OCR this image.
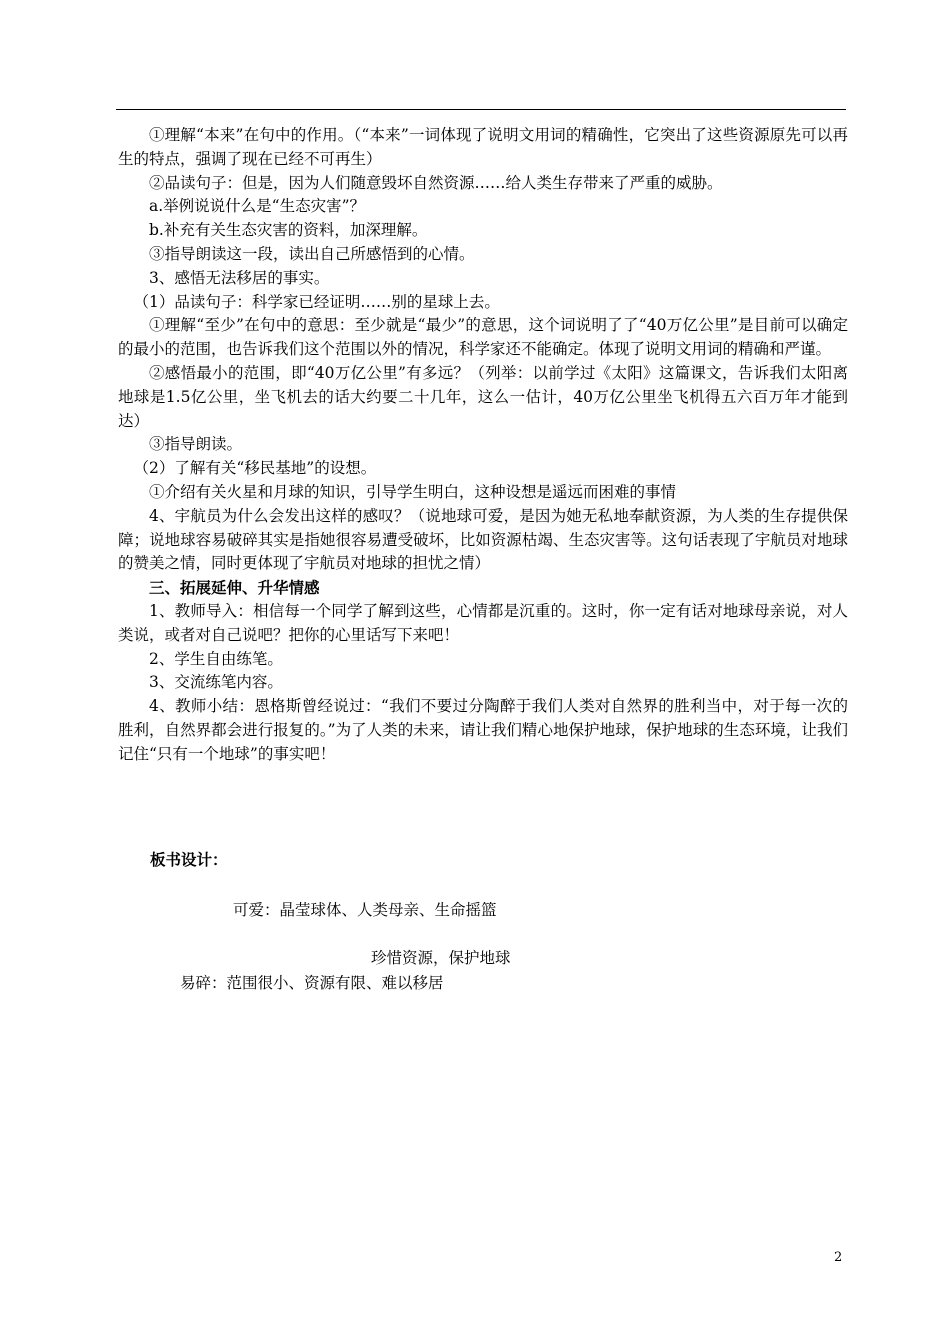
①理解“本来”在句中的作用。（“本来”一词体现了说明文用词的精确性，它突出了这些资源原先可以再生的特点，强调了现在已经不可再生）

②品读句子：但是，因为人们随意毁坏自然资源……给人类生存带来了严重的威胁。

a.举例说说什么是“生态灾害”？

b.补充有关生态灾害的资料，加深理解。

③指导朗读这一段，读出自己所感悟到的心情。

3、感悟无法移居的事实。

（1）品读句子：科学家已经证明……别的星球上去。

①理解“至少”在句中的意思：至少就是“最少”的意思，这个词说明了了“40万亿公里”是目前可以确定的最小的范围，也告诉我们这个范围以外的情况，科学家还不能确定。体现了说明文用词的精确和严谨。

②感悟最小的范围，即“40万亿公里”有多远？（列举：以前学过《太阳》这篇课文，告诉我们太阳离地球是1.5亿公里，坐飞机去的话大约要二十几年，这么一估计，40万亿公里坐飞机得五六百万年才能到达）

③指导朗读。

（2）了解有关“移民基地”的设想。

①介绍有关火星和月球的知识，引导学生明白，这种设想是遥远而困难的事情

4、宇航员为什么会发出这样的感叹？（说地球可爱，是因为她无私地奉献资源，为人类的生存提供保障；说地球容易破碎其实是指她很容易遭受破坏，比如资源枯竭、生态灾害等。这句话表现了宇航员对地球的赞美之情，同时更体现了宇航员对地球的担忧之情）

三、拓展延伸、升华情感

1、教师导入：相信每一个同学了解到这些，心情都是沉重的。这时，你一定有话对地球母亲说，对人类说，或者对自己说吧？把你的心里话写下来吧！

2、学生自由练笔。

3、交流练笔内容。

4、教师小结：恩格斯曾经说过：“我们不要过分陶醉于我们人类对自然界的胜利当中，对于每一次的胜利，自然界都会进行报复的。”为了人类的未来，请让我们精心地保护地球，保护地球的生态环境，让我们记住“只有一个地球”的事实吧！

板书设计：
可爱：晶莹球体、人类母亲、生命摇篮
珍惜资源，保护地球
易碎：范围很小、资源有限、难以移居
2
